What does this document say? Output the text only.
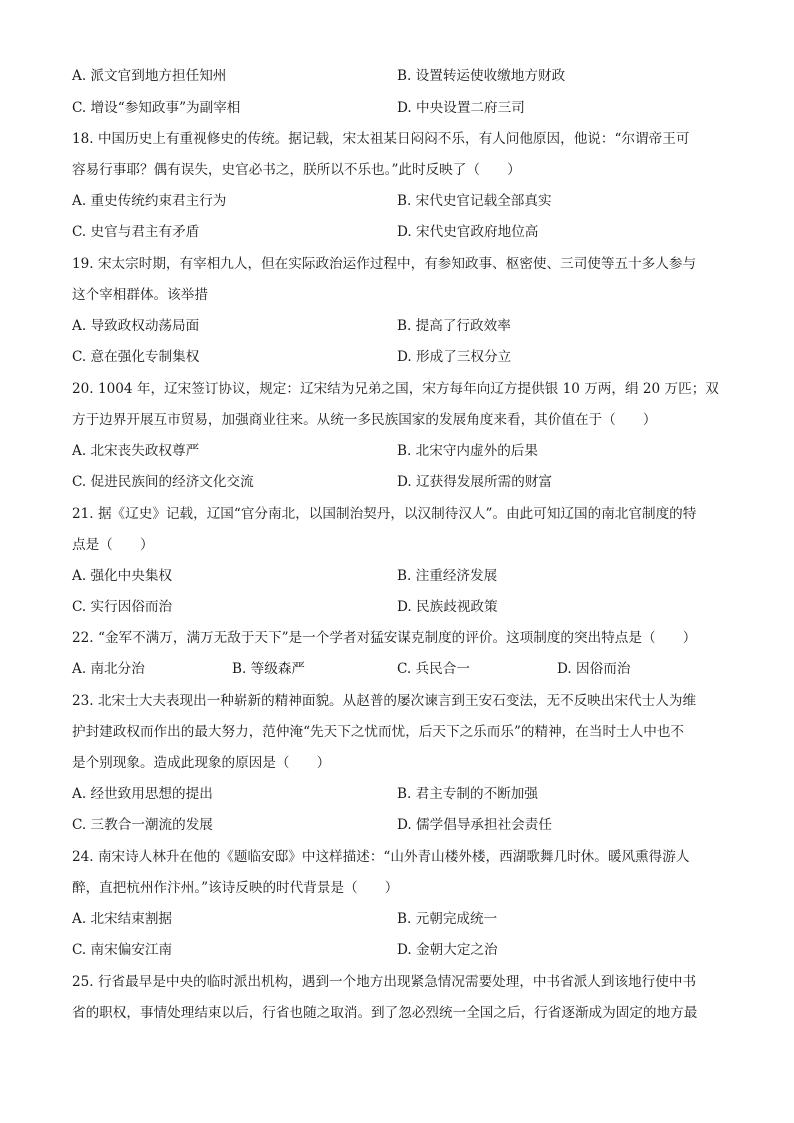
A. 派文官到地方担任知州	B. 设置转运使收缴地方财政
C. 增设“参知政事”为副宰相	D. 中央设置二府三司
18. 中国历史上有重视修史的传统。据记载，宋太祖某日闷闷不乐，有人问他原因，他说：“尔谓帝王可
容易行事耶？偶有误失，史官必书之，朕所以不乐也。”此时反映了（　　）
A. 重史传统约束君主行为	B. 宋代史官记载全部真实
C. 史官与君主有矛盾	D. 宋代史官政府地位高
19. 宋太宗时期，有宰相九人，但在实际政治运作过程中，有参知政事、枢密使、三司使等五十多人参与
这个宰相群体。该举措
A. 导致政权动荡局面	B. 提高了行政效率
C. 意在强化专制集权	D. 形成了三权分立
20. 1004 年，辽宋签订协议，规定：辽宋结为兄弟之国，宋方每年向辽方提供银 10 万两，绢 20 万匹；双
方于边界开展互市贸易，加强商业往来。从统一多民族国家的发展角度来看，其价值在于（　　）
A. 北宋丧失政权尊严	B. 北宋守内虚外的后果
C. 促进民族间的经济文化交流	D. 辽获得发展所需的财富
21. 据《辽史》记载，辽国“官分南北，以国制治契丹，以汉制待汉人”。由此可知辽国的南北官制度的特
点是（　　）
A. 强化中央集权	B. 注重经济发展
C. 实行因俗而治	D. 民族歧视政策
22. “金军不满万，满万无敌于天下”是一个学者对猛安谋克制度的评价。这项制度的突出特点是（　　）
A. 南北分治	B. 等级森严	C. 兵民合一	D. 因俗而治
23. 北宋士大夫表现出一种崭新的精神面貌。从赵普的屡次谏言到王安石变法，无不反映出宋代士人为维
护封建政权而作出的最大努力，范仲淹“先天下之忧而忧，后天下之乐而乐”的精神，在当时士人中也不
是个别现象。造成此现象的原因是（　　）
A. 经世致用思想的提出	B. 君主专制的不断加强
C. 三教合一潮流的发展	D. 儒学倡导承担社会责任
24. 南宋诗人林升在他的《题临安邸》中这样描述：“山外青山楼外楼，西湖歌舞几时休。暖风熏得游人
醉，直把杭州作汴州。”该诗反映的时代背景是（　　）
A. 北宋结束割据	B. 元朝完成统一
C. 南宋偏安江南	D. 金朝大定之治
25. 行省最早是中央的临时派出机构，遇到一个地方出现紧急情况需要处理，中书省派人到该地行使中书
省的职权，事情处理结束以后，行省也随之取消。到了忽必烈统一全国之后，行省逐渐成为固定的地方最
